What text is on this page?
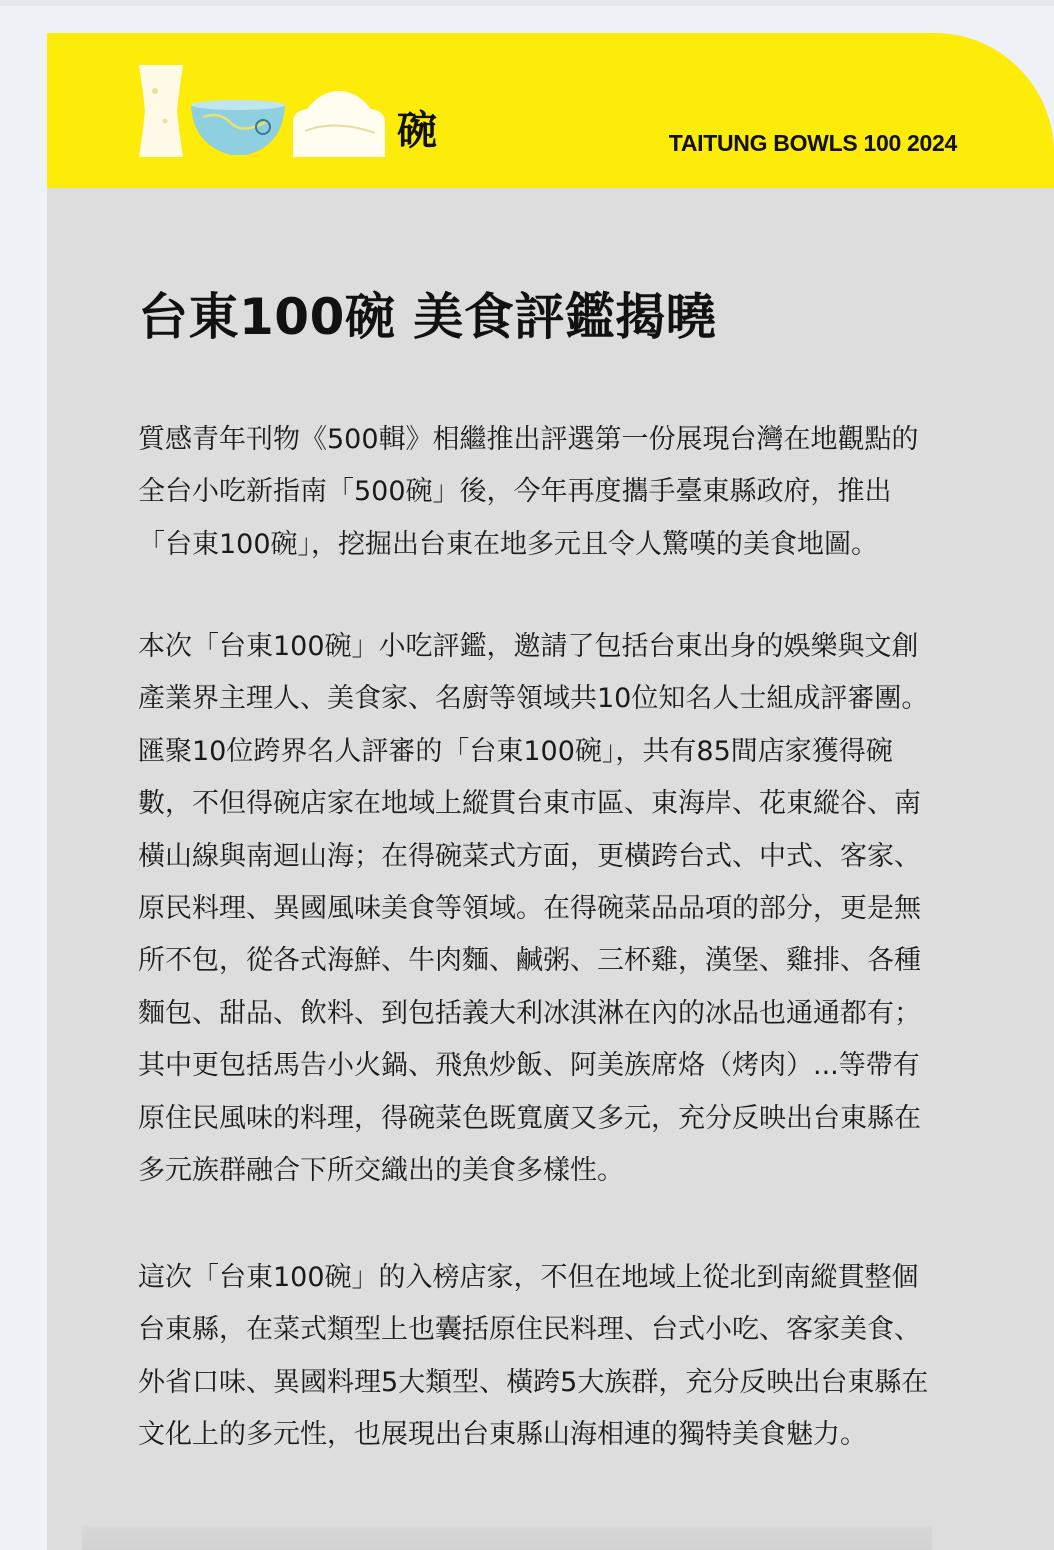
碗	TAITUNG BOWLS 100 2024
台東100碗 美食評鑑揭曉

質感青年刊物《500輯》相繼推出評選第一份展現台灣在地觀點的
全台小吃新指南「500碗」後，今年再度攜手臺東縣政府，推出
「台東100碗」，挖掘出台東在地多元且令人驚嘆的美食地圖。

本次「台東100碗」小吃評鑑，邀請了包括台東出身的娛樂與文創
產業界主理人、美食家、名廚等領域共10位知名人士組成評審團。
匯聚10位跨界名人評審的「台東100碗」，共有85間店家獲得碗
數，不但得碗店家在地域上縱貫台東市區、東海岸、花東縱谷、南
橫山線與南迴山海；在得碗菜式方面，更橫跨台式、中式、客家、
原民料理、異國風味美食等領域。在得碗菜品品項的部分，更是無
所不包，從各式海鮮、牛肉麵、鹹粥、三杯雞，漢堡、雞排、各種
麵包、甜品、飲料、到包括義大利冰淇淋在內的冰品也通通都有；
其中更包括馬告小火鍋、飛魚炒飯、阿美族席烙（烤肉）...等帶有
原住民風味的料理，得碗菜色既寬廣又多元，充分反映出台東縣在
多元族群融合下所交織出的美食多樣性。

這次「台東100碗」的入榜店家，不但在地域上從北到南縱貫整個
台東縣，在菜式類型上也囊括原住民料理、台式小吃、客家美食、
外省口味、異國料理5大類型、橫跨5大族群，充分反映出台東縣在
文化上的多元性，也展現出台東縣山海相連的獨特美食魅力。
